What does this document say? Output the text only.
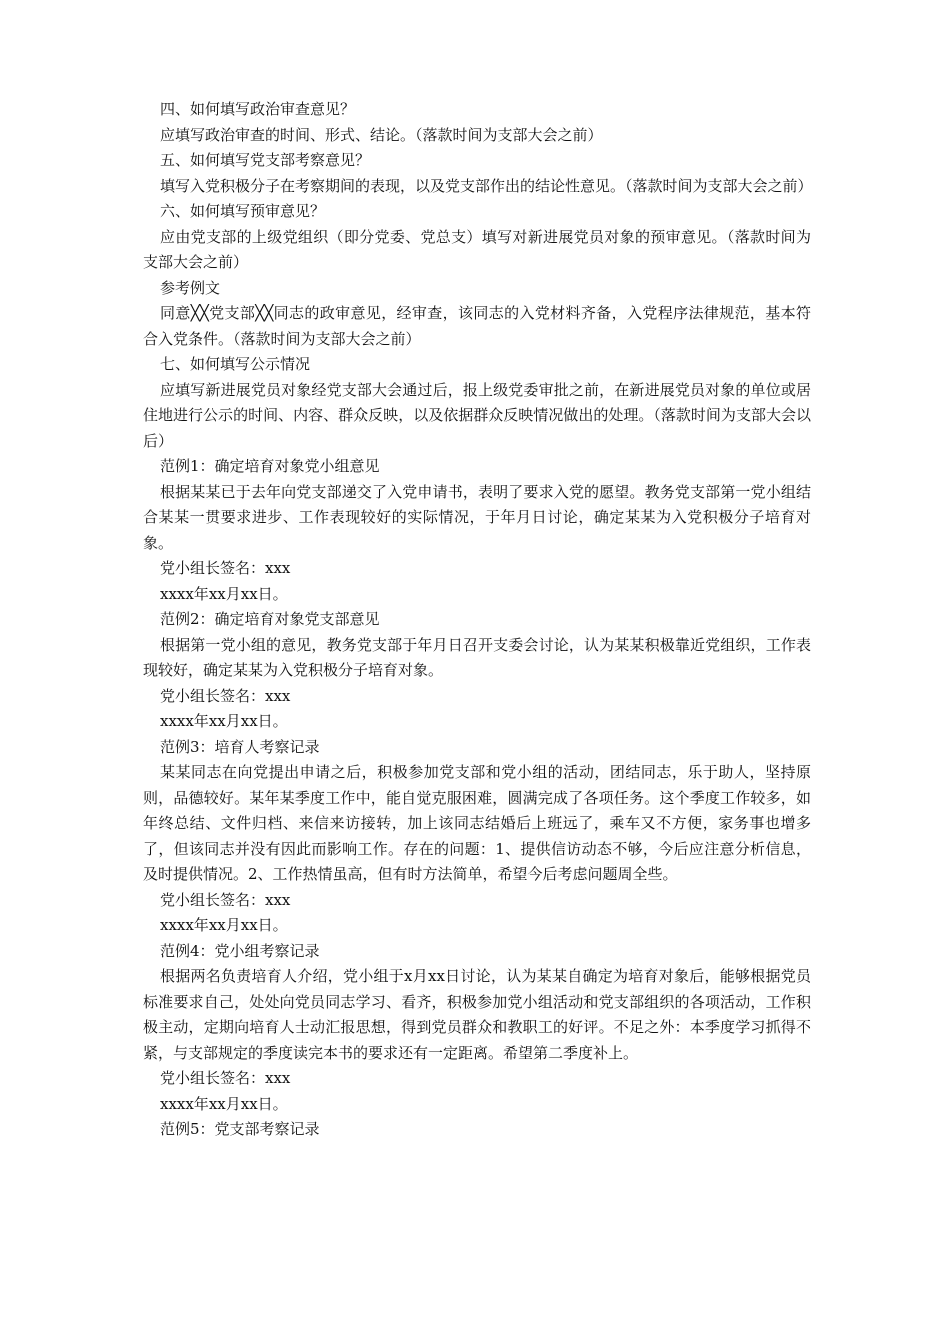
四、如何填写政治审查意见？

应填写政治审查的时间、形式、结论。（落款时间为支部大会之前）

五、如何填写党支部考察意见？

填写入党积极分子在考察期间的表现，以及党支部作出的结论性意见。（落款时间为支部大会之前）

六、如何填写预审意见？

应由党支部的上级党组织（即分党委、党总支）填写对新进展党员对象的预审意见。（落款时间为支部大会之前）

参考例文

同意╳╳党支部╳╳同志的政审意见，经审查，该同志的入党材料齐备，入党程序法律规范，基本符合入党条件。（落款时间为支部大会之前）

七、如何填写公示情况

应填写新进展党员对象经党支部大会通过后，报上级党委审批之前，在新进展党员对象的单位或居住地进行公示的时间、内容、群众反映，以及依据群众反映情况做出的处理。（落款时间为支部大会以后）

范例1：确定培育对象党小组意见

根据某某已于去年向党支部递交了入党申请书，表明了要求入党的愿望。教务党支部第一党小组结合某某一贯要求进步、工作表现较好的实际情况，于年月日讨论，确定某某为入党积极分子培育对象。

党小组长签名：xxx

xxxx年xx月xx日。

范例2：确定培育对象党支部意见

根据第一党小组的意见，教务党支部于年月日召开支委会讨论，认为某某积极靠近党组织，工作表现较好，确定某某为入党积极分子培育对象。

党小组长签名：xxx

xxxx年xx月xx日。

范例3：培育人考察记录

某某同志在向党提出申请之后，积极参加党支部和党小组的活动，团结同志，乐于助人，坚持原则，品德较好。某年某季度工作中，能自觉克服困难，圆满完成了各项任务。这个季度工作较多，如年终总结、文件归档、来信来访接转，加上该同志结婚后上班远了，乘车又不方便，家务事也增多了，但该同志并没有因此而影响工作。存在的问题：1、提供信访动态不够，今后应注意分析信息，及时提供情况。2、工作热情虽高，但有时方法简单，希望今后考虑问题周全些。

党小组长签名：xxx

xxxx年xx月xx日。

范例4：党小组考察记录

根据两名负责培育人介绍，党小组于x月xx日讨论，认为某某自确定为培育对象后，能够根据党员标准要求自己，处处向党员同志学习、看齐，积极参加党小组活动和党支部组织的各项活动，工作积极主动，定期向培育人士动汇报思想，得到党员群众和教职工的好评。不足之外：本季度学习抓得不紧，与支部规定的季度读完本书的要求还有一定距离。希望第二季度补上。

党小组长签名：xxx

xxxx年xx月xx日。

范例5：党支部考察记录
